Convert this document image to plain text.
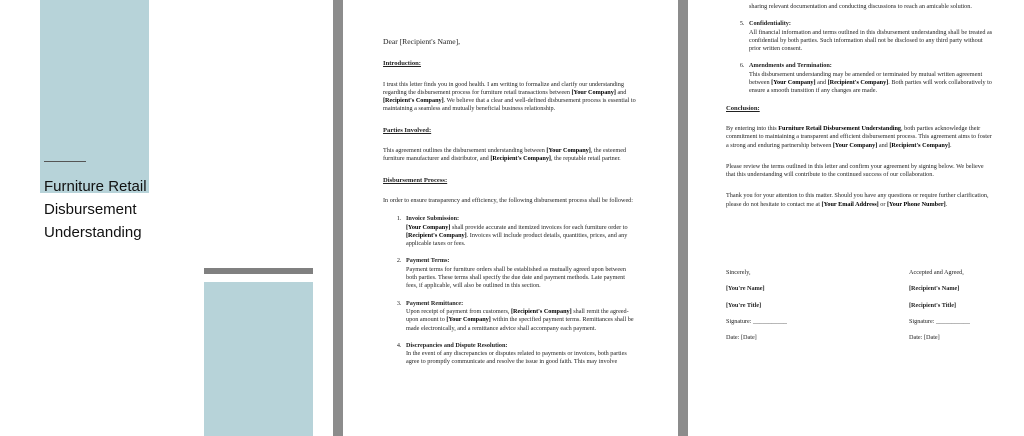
Furniture Retail
Disbursement
Understanding
Dear [Recipient's Name],
Introduction:

I trust this letter finds you in good health. I am writing to formalize and clarify our understanding regarding the disbursement process for furniture retail transactions between [Your Company] and [Recipient's Company]. We believe that a clear and well-defined disbursement process is essential to maintaining a seamless and mutually beneficial business relationship.

Parties Involved:

This agreement outlines the disbursement understanding between [Your Company], the esteemed furniture manufacturer and distributor, and [Recipient's Company], the reputable retail partner.

Disbursement Process:

In order to ensure transparency and efficiency, the following disbursement process shall be followed:

1. Invoice Submission:
[Your Company] shall provide accurate and itemized invoices for each furniture order to [Recipient's Company]. Invoices will include product details, quantities, prices, and any applicable taxes or fees.
2. Payment Terms:
Payment terms for furniture orders shall be established as mutually agreed upon between both parties. These terms shall specify the due date and payment methods. Late payment fees, if applicable, will also be outlined in this section.
3. Payment Remittance:
Upon receipt of payment from customers, [Recipient's Company] shall remit the agreed-upon amount to [Your Company] within the specified payment terms. Remittances shall be made electronically, and a remittance advice shall accompany each payment.
4. Discrepancies and Dispute Resolution:
In the event of any discrepancies or disputes related to payments or invoices, both parties agree to promptly communicate and resolve the issue in good faith. This may involve

sharing relevant documentation and conducting discussions to reach an amicable solution.

5. Confidentiality:
All financial information and terms outlined in this disbursement understanding shall be treated as confidential by both parties. Such information shall not be disclosed to any third party without prior written consent.
6. Amendments and Termination:
This disbursement understanding may be amended or terminated by mutual written agreement between [Your Company] and [Recipient's Company]. Both parties will work collaboratively to ensure a smooth transition if any changes are made.
Conclusion:

By entering into this Furniture Retail Disbursement Understanding, both parties acknowledge their commitment to maintaining a transparent and efficient disbursement process. This agreement aims to foster a strong and enduring partnership between [Your Company] and [Recipient's Company].

Please review the terms outlined in this letter and confirm your agreement by signing below. We believe that this understanding will contribute to the continued success of our collaboration.

Thank you for your attention to this matter. Should you have any questions or require further clarification, please do not hesitate to contact me at [Your Email Address] or [Your Phone Number].

Sincerely,
[You're Name]
[You're Title]
Signature: ___________
Date: [Date]
Accepted and Agreed,
[Recipient's Name]
[Recipient's Title]
Signature: ___________
Date: [Date]
